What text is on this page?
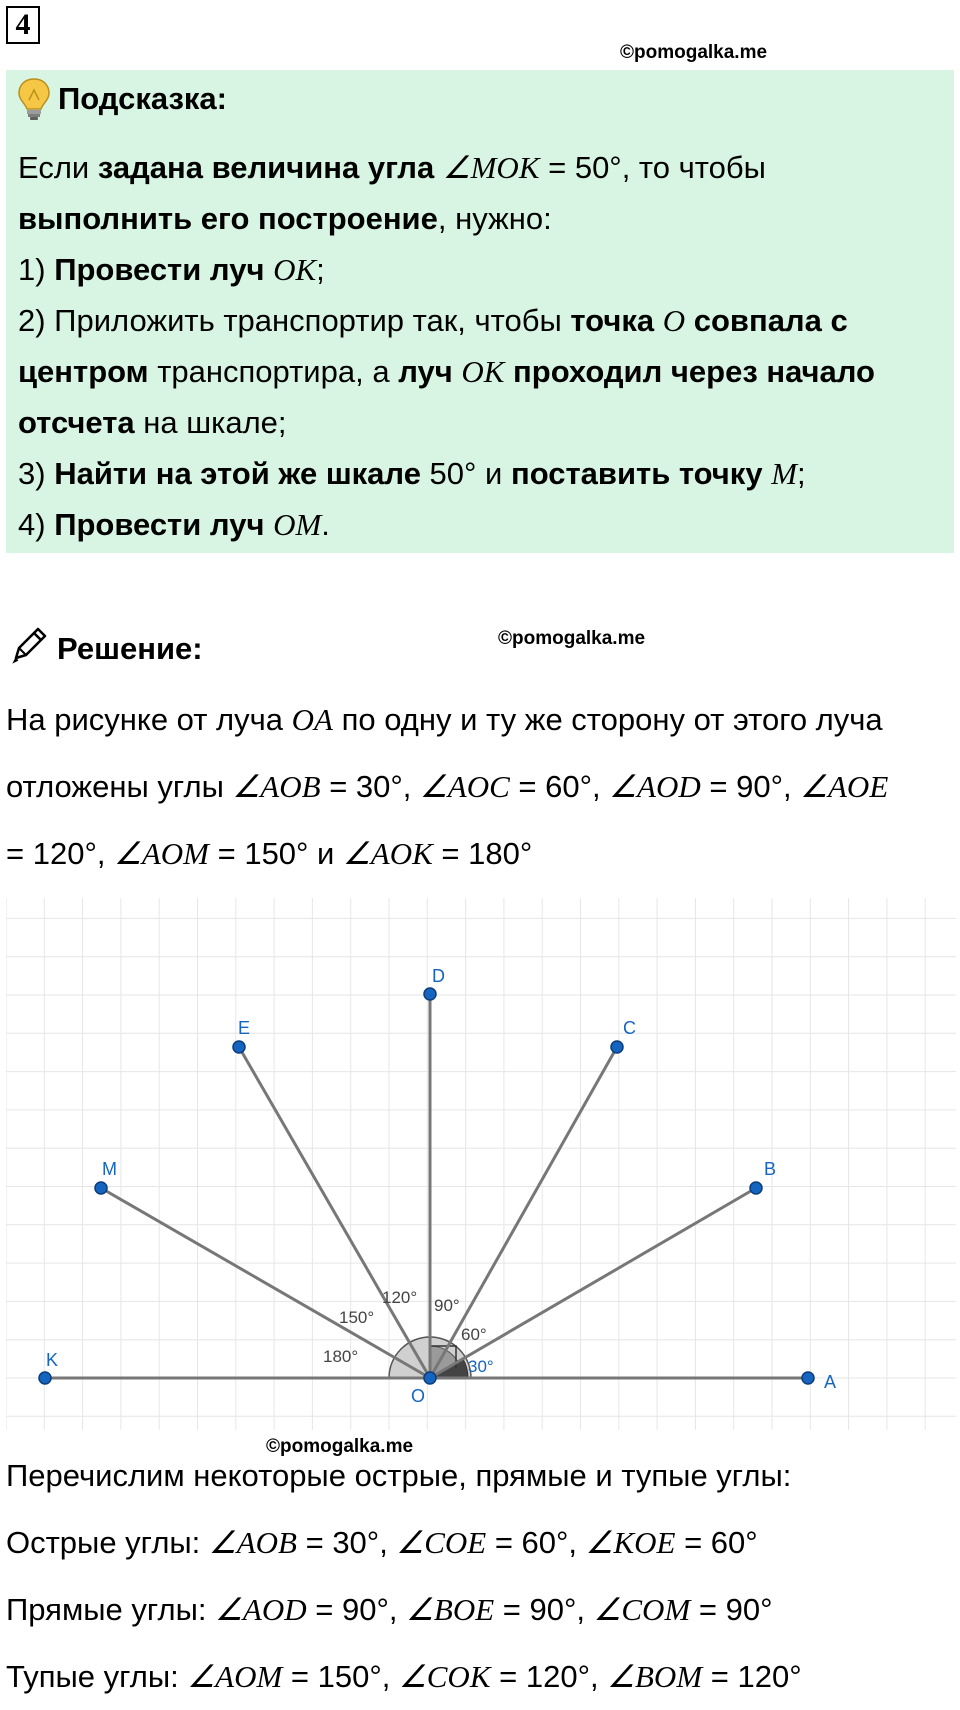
4
©pomogalka.me
Подсказка:
Если задана величина угла ∠MOK = 50°, то чтобы
выполнить его построение, нужно:
1) Провести луч OK;
2) Приложить транспортир так, чтобы точка O совпала с
центром транспортира, а луч OK проходил через начало
отсчета на шкале;
3) Найти на этой же шкале 50° и поставить точку M;
4) Провести луч OM.
Решение:	©pomogalka.me
На рисунке от луча OA по одну и ту же сторону от этого луча
отложены углы ∠AOB = 30°, ∠AOC = 60°, ∠AOD = 90°, ∠AOE
= 120°, ∠AOM = 150° и ∠AOK = 180°
A
B
C
D
E
M
K
O
30°
60°
90°
120°
150°
180°
©pomogalka.me
Перечислим некоторые острые, прямые и тупые углы:
Острые углы: ∠AOB = 30°, ∠COE = 60°, ∠KOE = 60°
Прямые углы: ∠AOD = 90°, ∠BOE = 90°, ∠COM = 90°
Тупые углы: ∠AOM = 150°, ∠COK = 120°, ∠BOM = 120°
